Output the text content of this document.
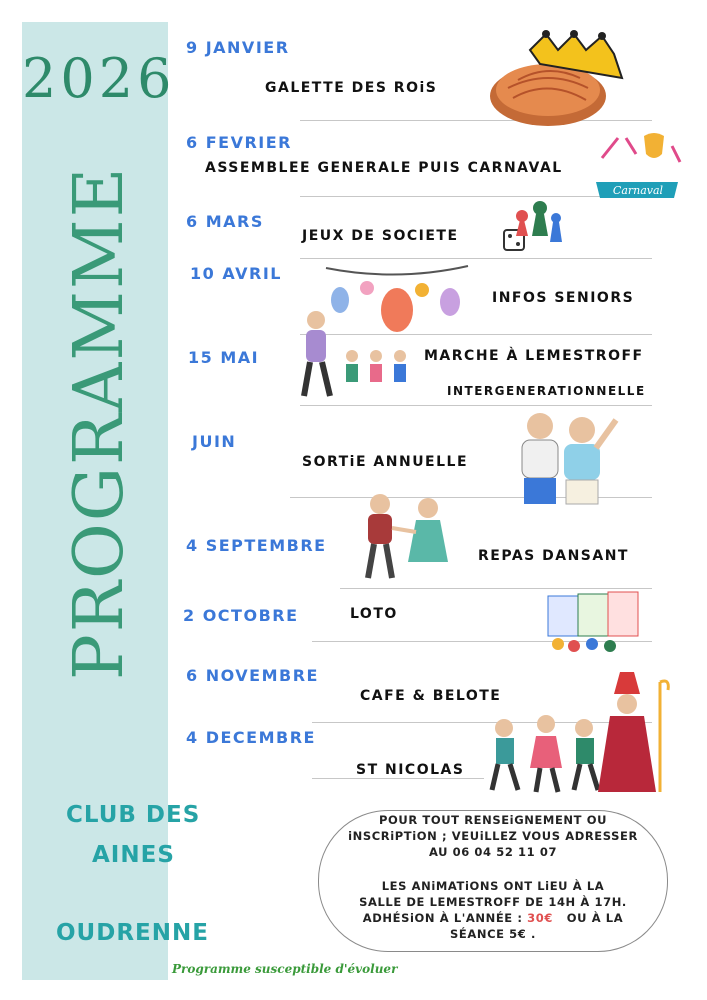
2026
PROGRAMME
9 JANVIER
GALETTE DES ROiS
6 FEVRIER
ASSEMBLEE GENERALE PUIS CARNAVAL
Carnaval
6 MARS
JEUX DE SOCIETE
10 AVRIL
INFOS SENIORS
15 MAI	MARCHE À LEMESTROFF
INTERGENERATIONNELLE
JUIN
SORTiE ANNUELLE
4 SEPTEMBRE
REPAS DANSANT
2 OCTOBRE	LOTO
6 NOVEMBRE
CAFE & BELOTE
4 DECEMBRE
ST NICOLAS
CLUB DES
AINES
OUDRENNE
POUR TOUT RENSEiGNEMENT OU
iNSCRiPTiON ; VEUiLLEZ VOUS ADRESSER
AU 06 04 52 11 07
LES ANiMATiONS ONT LiEU À LA
SALLE DE LEMESTROFF DE 14H À 17H.
ADHÉSiON À L'ANNÉE : 30€ OU À LA
SÉANCE 5€ .
Programme susceptible d'évoluer
